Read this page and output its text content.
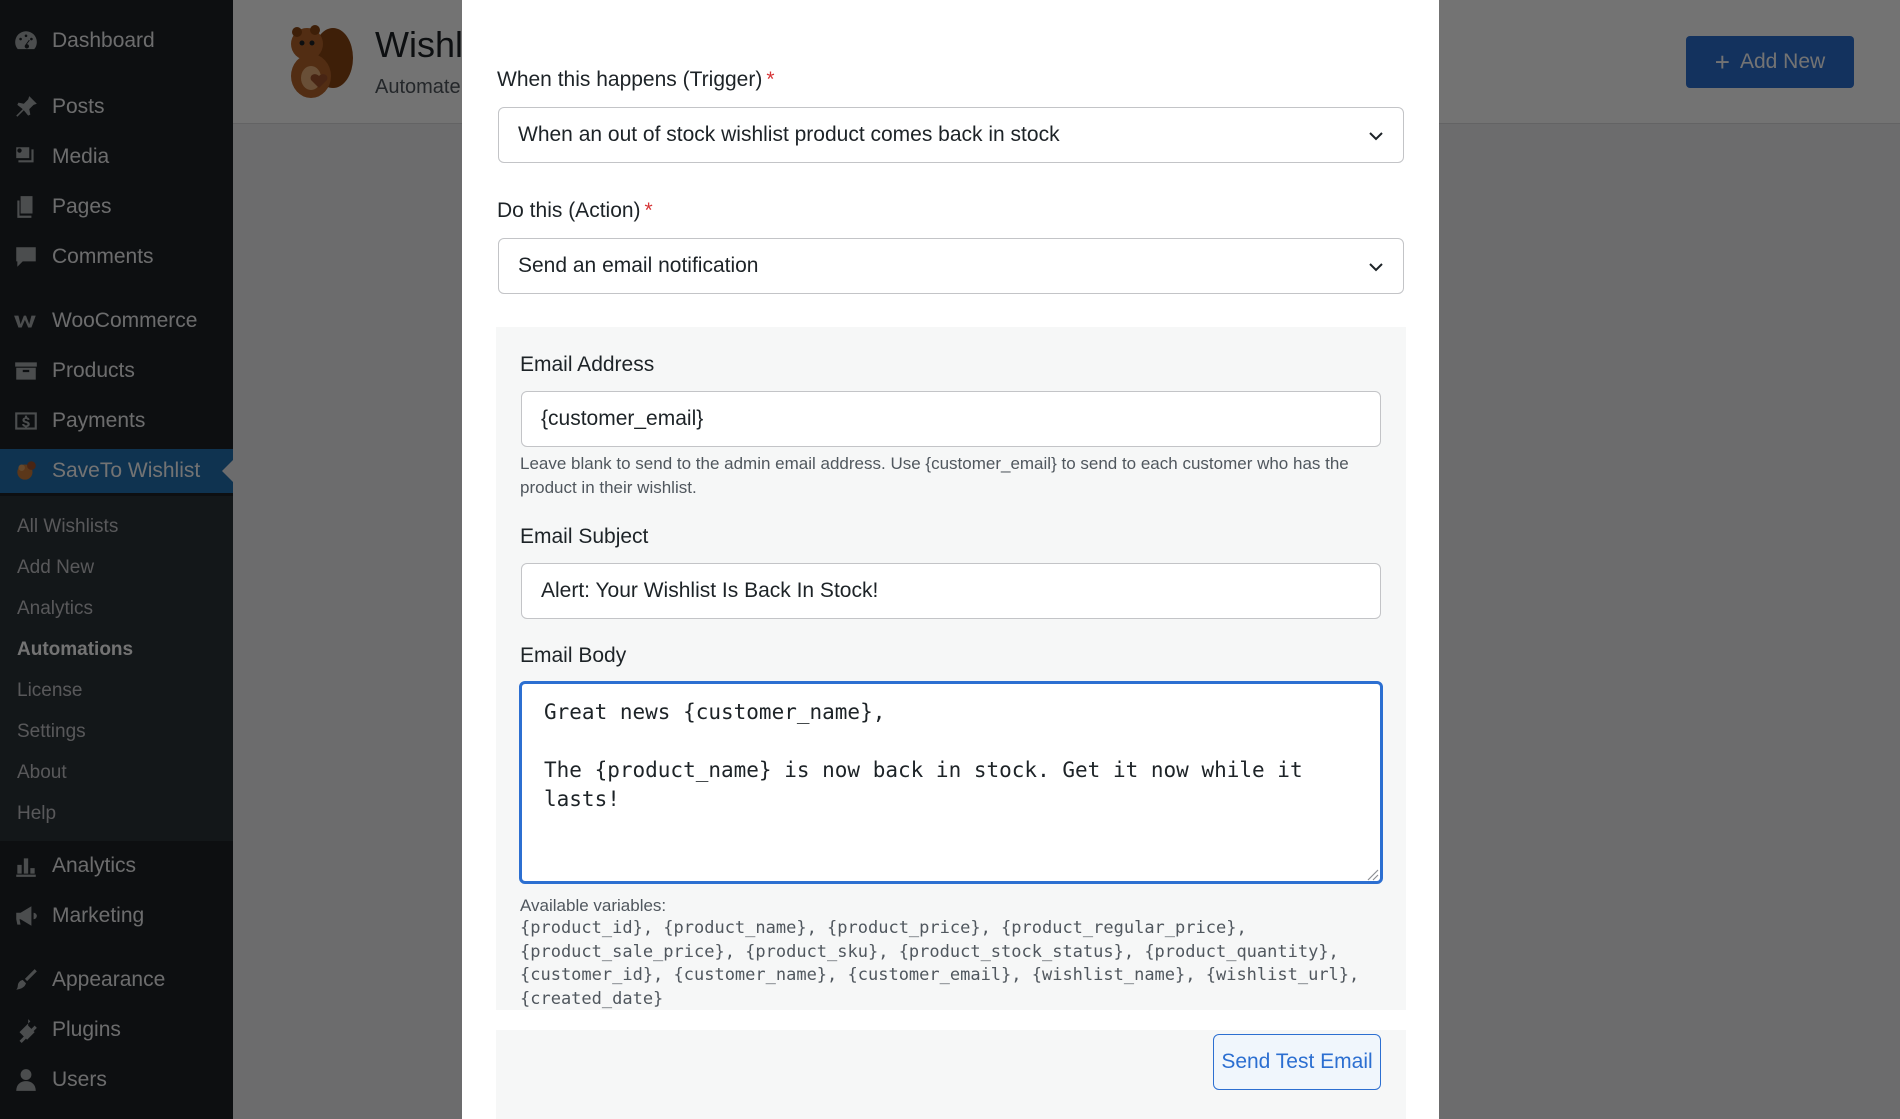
When this happens (Trigger) *
When an out of stock wishlist product comes back in stock
Do this (Action) *
Send an email notification
Email Address
{customer_email}
Leave blank to send to the admin email address. Use {customer_email} to send to each customer who has the product in their wishlist.
Email Subject
Alert: Your Wishlist Is Back In Stock!
Email Body
Great news {customer_name},

The {product_name} is now back in stock. Get it now while it lasts!
Available variables:
{product_id}, {product_name}, {product_price}, {product_regular_price}, {product_sale_price}, {product_sku}, {product_stock_status}, {product_quantity}, {customer_id}, {customer_name}, {customer_email}, {wishlist_name}, {wishlist_url}, {created_date}
Send Test Email
